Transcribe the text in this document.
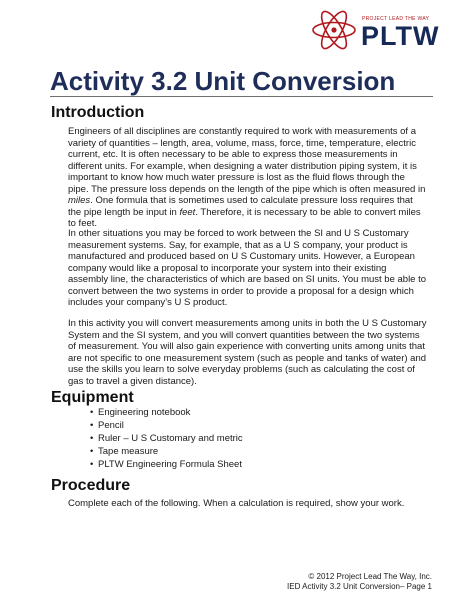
PROJECT LEAD THE WAY
PLTW
Activity 3.2 Unit Conversion
Introduction

Engineers of all disciplines are constantly required to work with measurements of a variety of quantities – length, area, volume, mass, force, time, temperature, electric current, etc. It is often necessary to be able to express those measurements in different units. For example, when designing a water distribution piping system, it is important to know how much water pressure is lost as the fluid flows through the pipe. The pressure loss depends on the length of the pipe which is often measured in miles. One formula that is sometimes used to calculate pressure loss requires that the pipe length be input in feet. Therefore, it is necessary to be able to convert miles to feet.

In other situations you may be forced to work between the SI and U S Customary measurement systems. Say, for example, that as a U S company, your product is manufactured and produced based on U S Customary units. However, a European company would like a proposal to incorporate your system into their existing assembly line, the characteristics of which are based on SI units. You must be able to convert between the two systems in order to provide a proposal for a design which includes your company’s U S product.

In this activity you will convert measurements among units in both the U S Customary System and the SI system, and you will convert quantities between the two systems of measurement. You will also gain experience with converting units among units that are not specific to one measurement system (such as people and tanks of water) and use the skills you learn to solve everyday problems (such as calculating the cost of gas to travel a given distance).

Equipment
• Engineering notebook
• Pencil
• Ruler – U S Customary and metric
• Tape measure
• PLTW Engineering Formula Sheet
Procedure

Complete each of the following. When a calculation is required, show your work.

© 2012 Project Lead The Way, Inc.
IED Activity 3.2 Unit Conversion– Page 1
